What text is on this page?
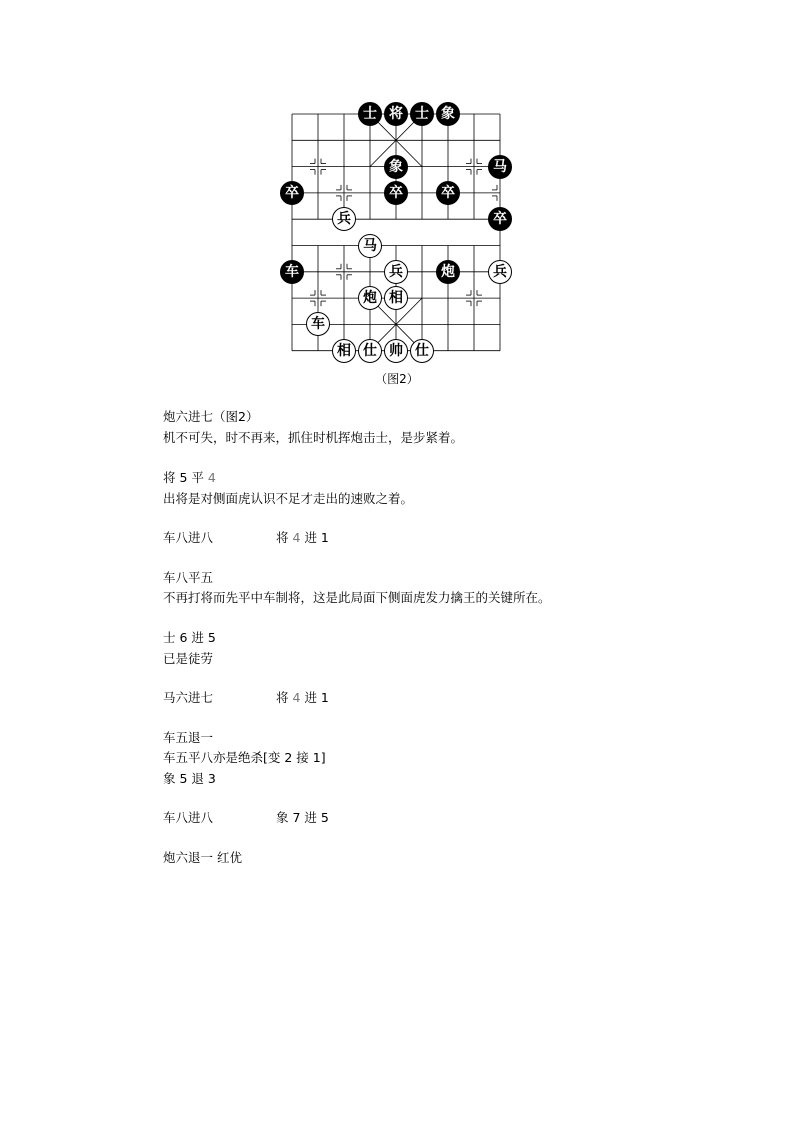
士 将 士 象
象	马
卒	卒	卒
卒
兵
马
车	兵	炮	兵
炮 相
车
相 仕 帅 仕
（图2）
炮六进七（图2）
机不可失，时不再来，抓住时机挥炮击士，是步紧着。
将 5 平 4
出将是对侧面虎认识不足才走出的速败之着。
车八进八	将 4 进 1
车八平五
不再打将而先平中车制将，这是此局面下侧面虎发力擒王的关键所在。
士 6 进 5
已是徒劳
马六进七	将 4 进 1
车五退一
车五平八亦是绝杀[变 2 接 1]
象 5 退 3
车八进八	象 7 进 5
炮六退一 红优
